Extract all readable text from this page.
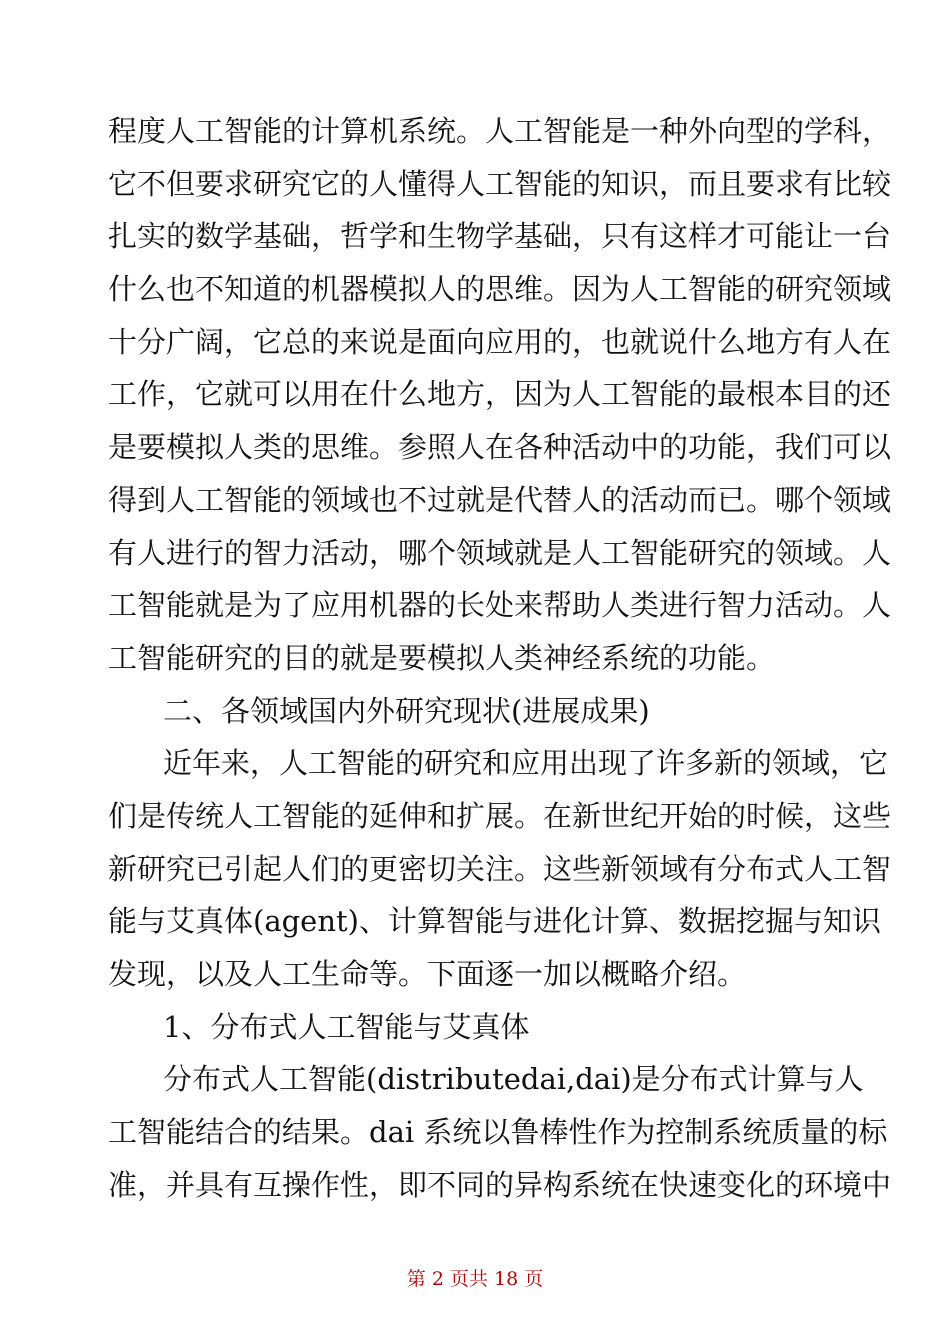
程度人工智能的计算机系统。人工智能是一种外向型的学科，
它不但要求研究它的人懂得人工智能的知识，而且要求有比较
扎实的数学基础，哲学和生物学基础，只有这样才可能让一台
什么也不知道的机器模拟人的思维。因为人工智能的研究领域
十分广阔，它总的来说是面向应用的，也就说什么地方有人在
工作，它就可以用在什么地方，因为人工智能的最根本目的还
是要模拟人类的思维。参照人在各种活动中的功能，我们可以
得到人工智能的领域也不过就是代替人的活动而已。哪个领域
有人进行的智力活动，哪个领域就是人工智能研究的领域。人
工智能就是为了应用机器的长处来帮助人类进行智力活动。人
工智能研究的目的就是要模拟人类神经系统的功能。
二、各领域国内外研究现状(进展成果)
近年来，人工智能的研究和应用出现了许多新的领域，它
们是传统人工智能的延伸和扩展。在新世纪开始的时候，这些
新研究已引起人们的更密切关注。这些新领域有分布式人工智
能与艾真体(agent)、计算智能与进化计算、数据挖掘与知识
发现，以及人工生命等。下面逐一加以概略介绍。
1、分布式人工智能与艾真体
分布式人工智能(distributedai,dai)是分布式计算与人
工智能结合的结果。dai 系统以鲁棒性作为控制系统质量的标
准，并具有互操作性，即不同的异构系统在快速变化的环境中
第 2 页共 18 页
